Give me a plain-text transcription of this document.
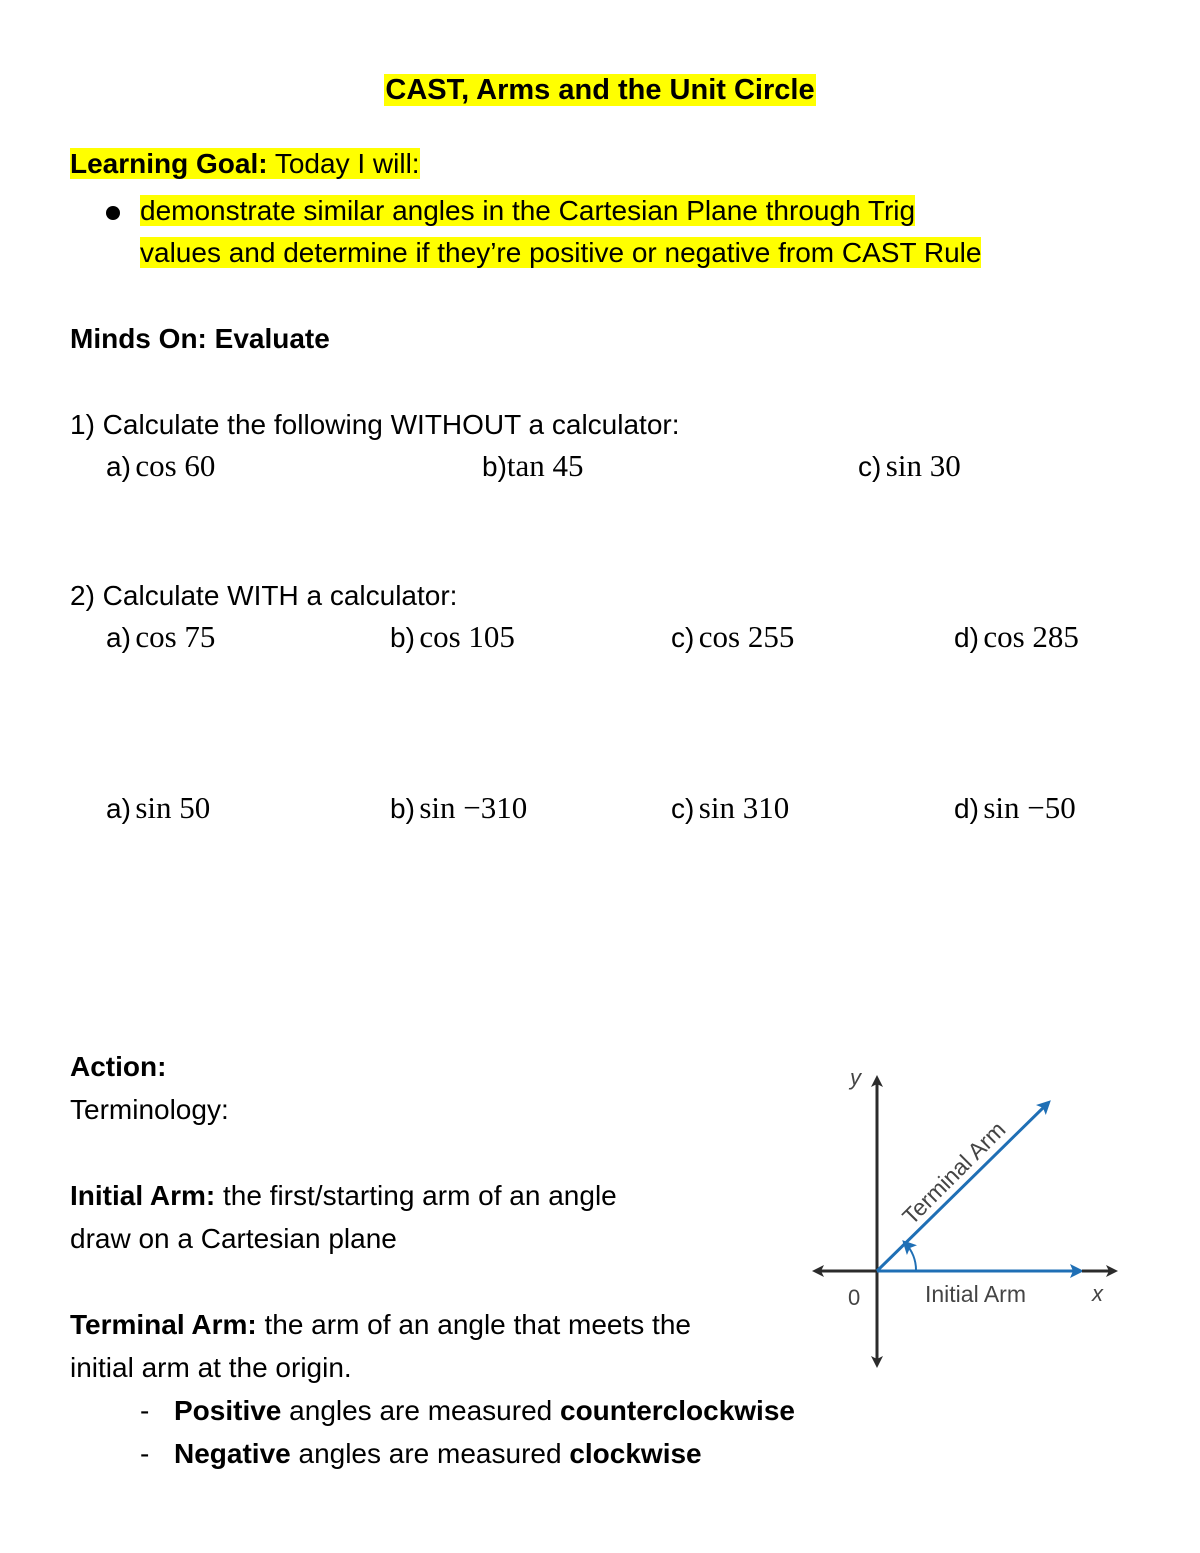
CAST, Arms and the Unit Circle
Learning Goal: Today I will:
demonstrate similar angles in the Cartesian Plane through Trig
values and determine if they’re positive or negative from CAST Rule
Minds On: Evaluate
1) Calculate the following WITHOUT a calculator:
a) cos 60	b)tan 45	c) sin 30
2) Calculate WITH a calculator:
a) cos 75	b) cos 105	c) cos 255	d) cos 285
a) sin 50	b) sin −310	c) sin 310	d) sin −50
Action:
Terminology:
Initial Arm: the first/starting arm of an angle
draw on a Cartesian plane
Terminal Arm: the arm of an angle that meets the
initial arm at the origin.
- Positive angles are measured counterclockwise
- Negative angles are measured clockwise
y
x
0	Initial Arm
Terminal Arm
